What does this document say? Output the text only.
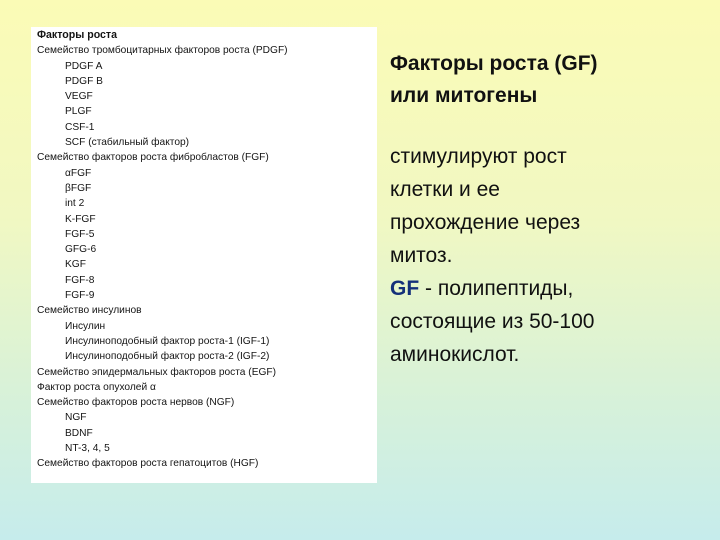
Факторы роста
Семейство тромбоцитарных факторов роста (PDGF)
PDGF A
PDGF B
VEGF
PLGF
CSF-1
SCF (стабильный фактор)
Семейство факторов роста фибробластов (FGF)
αFGF
βFGF
int 2
K-FGF
FGF-5
GFG-6
KGF
FGF-8
FGF-9
Семейство инсулинов
Инсулин
Инсулиноподобный фактор роста-1 (IGF-1)
Инсулиноподобный фактор роста-2 (IGF-2)
Семейство эпидермальных факторов роста (EGF)
Фактор роста опухолей α
Семейство факторов роста нервов (NGF)
NGF
BDNF
NT-3, 4, 5
Семейство факторов роста гепатоцитов (HGF)
Факторы роста (GF)
или митогены
стимулируют рост
клетки и ее
прохождение через
митоз.
GF - полипептиды,
состоящие из 50-100
аминокислот.
